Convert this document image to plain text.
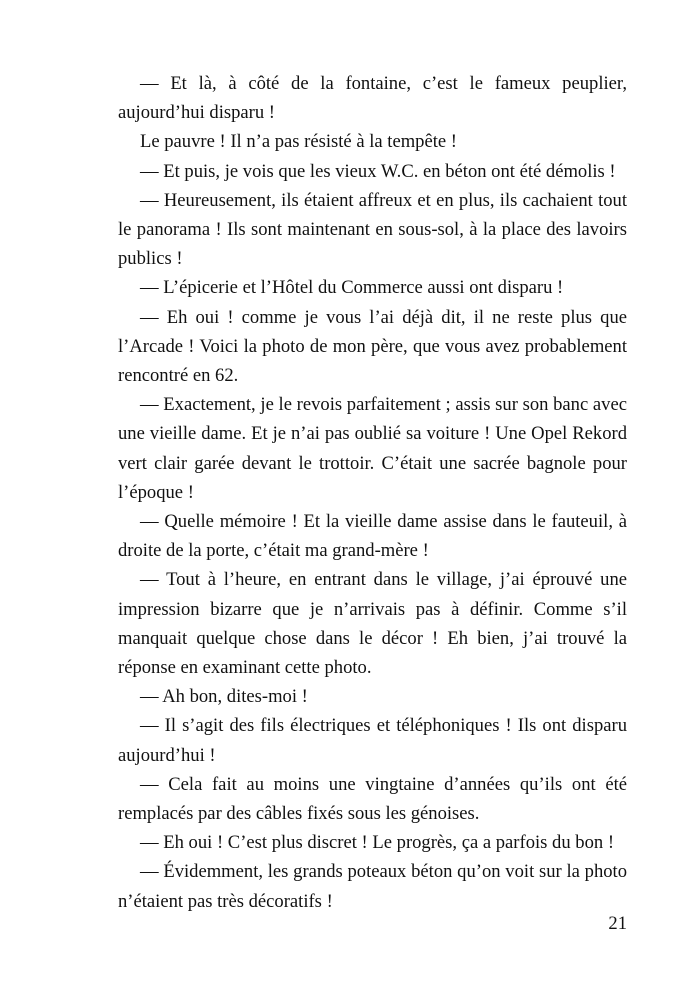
— Et là, à côté de la fontaine, c’est le fameux peuplier, aujourd’hui disparu !

Le pauvre ! Il n’a pas résisté à la tempête !

— Et puis, je vois que les vieux W.C. en béton ont été démolis !

— Heureusement, ils étaient affreux et en plus, ils cachaient tout le panorama ! Ils sont maintenant en sous-sol, à la place des lavoirs publics !

— L’épicerie et l’Hôtel du Commerce aussi ont disparu !

— Eh oui ! comme je vous l’ai déjà dit, il ne reste plus que l’Arcade ! Voici la photo de mon père, que vous avez probablement rencontré en 62.

— Exactement, je le revois parfaitement ; assis sur son banc avec une vieille dame. Et je n’ai pas oublié sa voiture ! Une Opel Rekord vert clair garée devant le trottoir. C’était une sacrée bagnole pour l’époque !

— Quelle mémoire ! Et la vieille dame assise dans le fauteuil, à droite de la porte, c’était ma grand-mère !

— Tout à l’heure, en entrant dans le village, j’ai éprouvé une impression bizarre que je n’arrivais pas à définir. Comme s’il manquait quelque chose dans le décor ! Eh bien, j’ai trouvé la réponse en examinant cette photo.

— Ah bon, dites-moi !

— Il s’agit des fils électriques et téléphoniques ! Ils ont disparu aujourd’hui !

— Cela fait au moins une vingtaine d’années qu’ils ont été remplacés par des câbles fixés sous les génoises.

— Eh oui ! C’est plus discret ! Le progrès, ça a parfois du bon !

— Évidemment, les grands poteaux béton qu’on voit sur la photo n’étaient pas très décoratifs !

21
